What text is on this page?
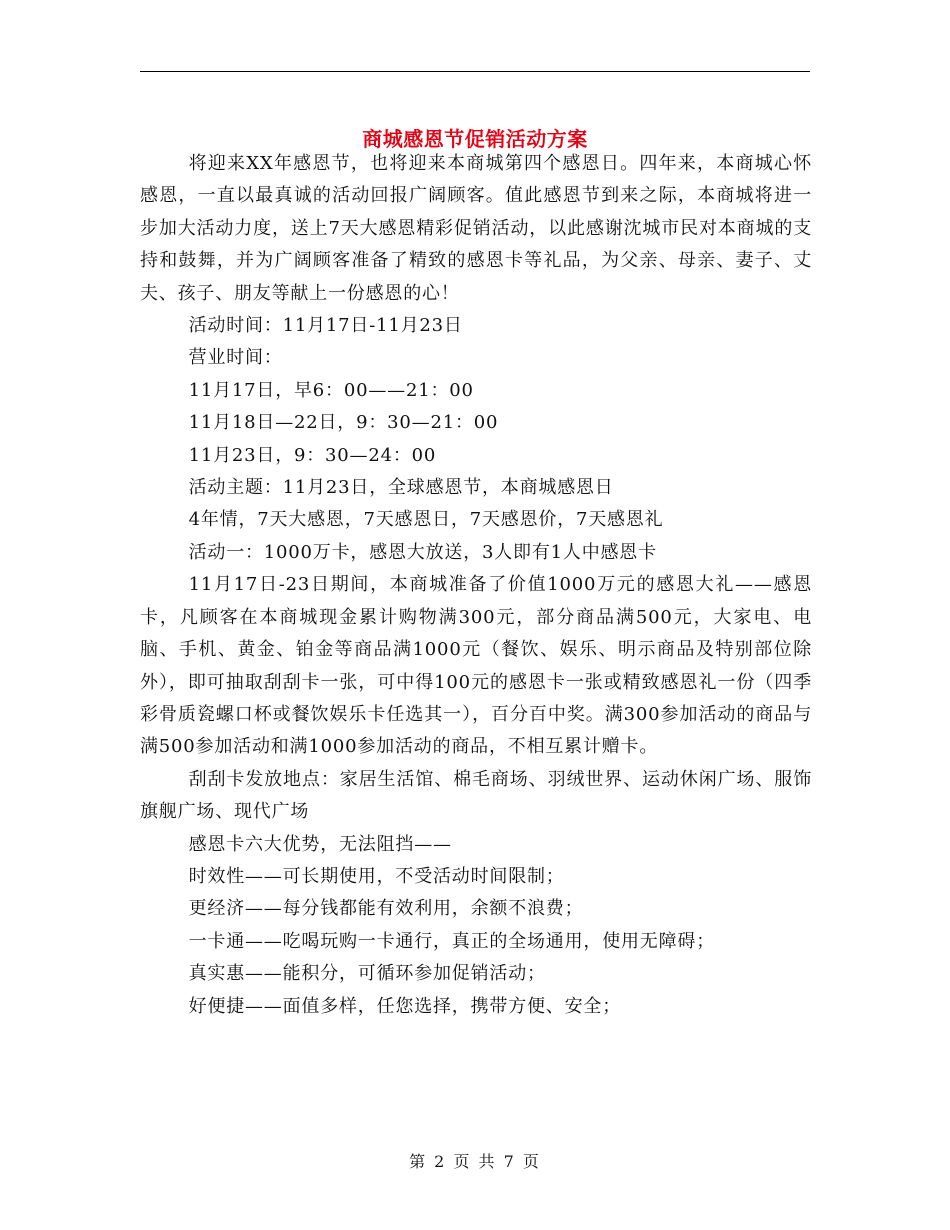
商城感恩节促销活动方案

将迎来XX年感恩节，也将迎来本商城第四个感恩日。四年来，本商城心怀感恩，一直以最真诚的活动回报广阔顾客。值此感恩节到来之际，本商城将进一步加大活动力度，送上7天大感恩精彩促销活动，以此感谢沈城市民对本商城的支持和鼓舞，并为广阔顾客准备了精致的感恩卡等礼品，为父亲、母亲、妻子、丈夫、孩子、朋友等献上一份感恩的心！

活动时间：11月17日-11月23日

营业时间：

11月17日，早6：00——21：00

11月18日—22日，9：30—21：00

11月23日，9：30—24：00

活动主题：11月23日，全球感恩节，本商城感恩日

4年情，7天大感恩，7天感恩日，7天感恩价，7天感恩礼

活动一：1000万卡，感恩大放送，3人即有1人中感恩卡

11月17日-23日期间，本商城准备了价值1000万元的感恩大礼——感恩卡，凡顾客在本商城现金累计购物满300元，部分商品满500元，大家电、电脑、手机、黄金、铂金等商品满1000元（餐饮、娱乐、明示商品及特别部位除外），即可抽取刮刮卡一张，可中得100元的感恩卡一张或精致感恩礼一份（四季彩骨质瓷螺口杯或餐饮娱乐卡任选其一），百分百中奖。满300参加活动的商品与满500参加活动和满1000参加活动的商品，不相互累计赠卡。

刮刮卡发放地点：家居生活馆、棉毛商场、羽绒世界、运动休闲广场、服饰旗舰广场、现代广场

感恩卡六大优势，无法阻挡——

时效性——可长期使用，不受活动时间限制；

更经济——每分钱都能有效利用，余额不浪费；

一卡通——吃喝玩购一卡通行，真正的全场通用，使用无障碍；

真实惠——能积分，可循环参加促销活动；

好便捷——面值多样，任您选择，携带方便、安全；

第 2 页 共 7 页
